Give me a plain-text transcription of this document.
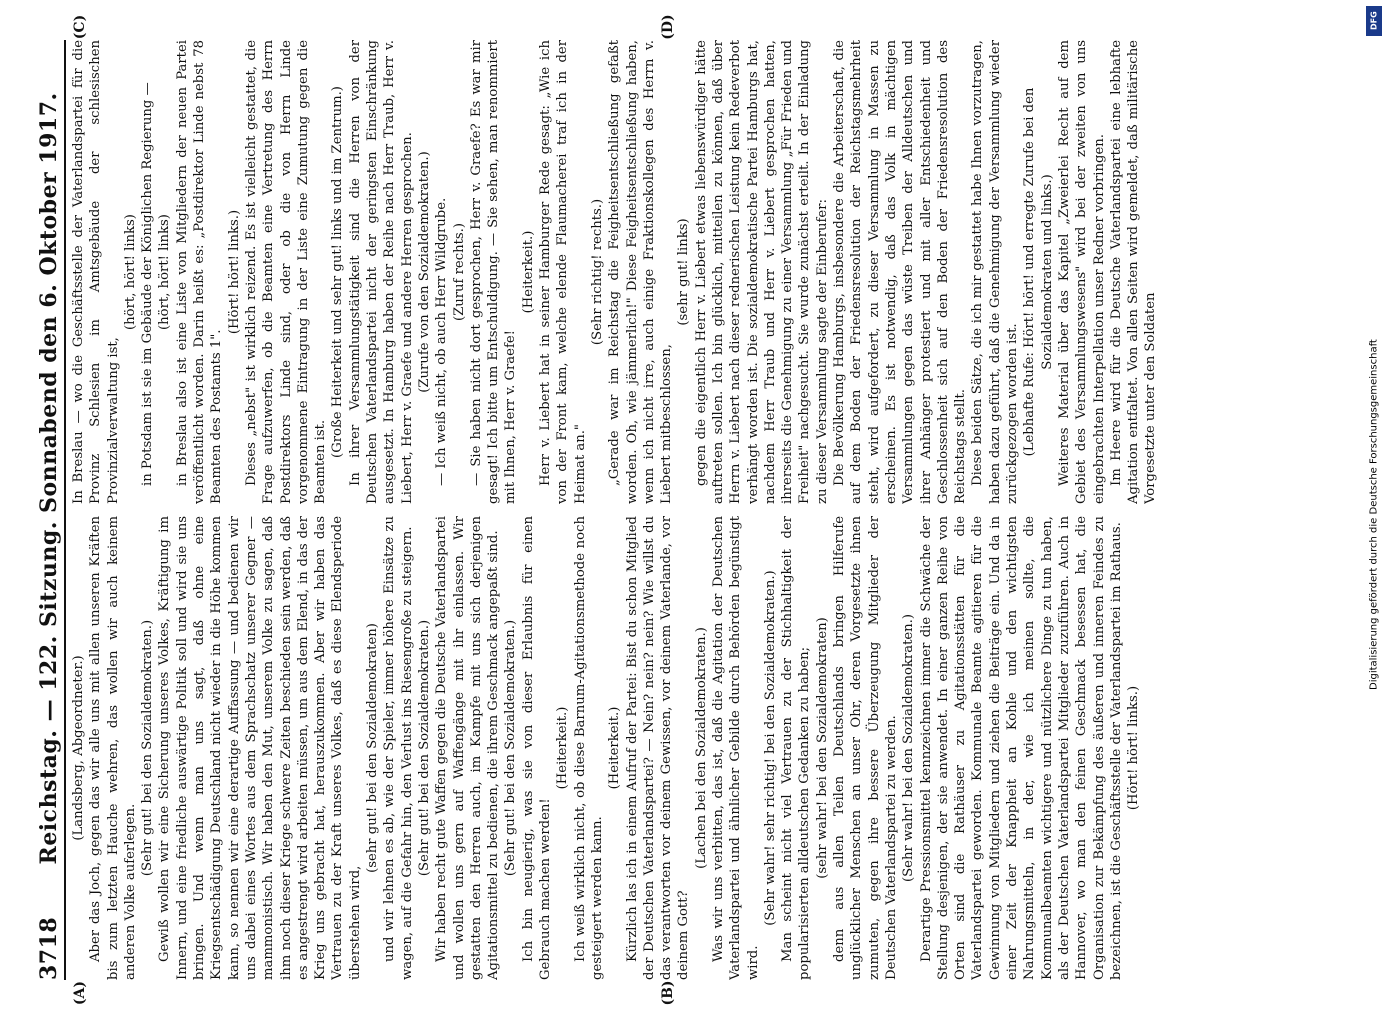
3718
Reichstag. — 122. Sitzung. Sonnabend den 6. Oktober 1917. (Landsberg, Abgeordneter.) Aber das Joch, gegen das wir alle uns mit allen unseren Kräften bis zum letzten Hauche wehren, das wollen wir auch keinem anderen Volke auferlegen.

(Sehr gut! bei den Sozialdemokraten.) Gewiß wollen wir eine Sicherung unseres Volkes, Kräftigung im Innern, und eine friedliche auswärtige Politik soll und wird sie uns bringen. Und wenn man uns sagt, daß ohne eine Kriegsentschädigung Deutschland nicht wieder in die Höhe kommen kann, so nennen wir eine derartige Auffassung — und bedienen wir uns dabei eines Wortes aus dem Sprachschatz unserer Gegner — mammonistisch. Wir haben den Mut, unserem Volke zu sagen, daß ihm noch dieser Kriege schwere Zeiten beschieden sein werden, daß es angestrengt wird arbeiten müssen, um aus dem Elend, in das der Krieg uns gebracht hat, herauszukommen. Aber wir haben das Vertrauen zu der Kraft unseres Volkes, daß es diese Elendsperiode überstehen wird,

(sehr gut! bei den Sozialdemokraten) und wir lehnen es ab, wie der Spieler, immer höhere Einsätze zu wagen, auf die Gefahr hin, den Verlust ins Riesengroße zu steigern. (Sehr gut! bei den Sozialdemokraten.) Wir haben recht gute Waffen gegen die Deutsche Vaterlandspartei und wollen uns gern auf Waffengänge mit ihr einlassen. Wir gestatten den Herren auch, im Kampfe mit uns sich derjenigen Agitationsmittel zu bedienen, die ihrem Geschmack angepaßt sind. (Sehr gut! bei den Sozialdemokraten.) Ich bin neugierig, was sie von dieser Erlaubnis für einen Gebrauch machen werden!

(Heiterkeit.) Ich weiß wirklich nicht, ob diese Barnum-Agitationsmethode noch gesteigert werden kann.

(Heiterkeit.) Kürzlich las ich in einem Aufruf der Partei: Bist du schon Mitglied der Deutschen Vaterlandspartei? — Nein? nein? nein? Wie willst du das verantworten vor deinem Gewissen, vor deinem Vaterlande, vor deinem Gott?

(Lachen bei den Sozialdemokraten.) Was wir uns verbitten, das ist, daß die Agitation der Deutschen Vaterlandspartei und ähnlicher Gebilde durch Behörden begünstigt wird.

(Sehr wahr! sehr richtig! bei den Sozialdemokraten.) Man scheint nicht viel Vertrauen zu der Stichhaltigkeit der popularisierten alldeutschen Gedanken zu haben; (sehr wahr! bei den Sozialdemokraten) denn aus allen Teilen Deutschlands bringen Hilferufe unglücklicher Menschen an unser Ohr, deren Vorgesetzte ihnen zumuten, gegen ihre bessere Überzeugung Mitglieder der Deutschen Vaterlandspartei zu werden. (Sehr wahr! bei den Sozialdemokraten.) Derartige Pressionsmittel kennzeichnen immer die Schwäche der Stellung desjenigen, der sie anwendet. In einer ganzen Reihe von Orten sind die Rathäuser zu Agitationsstätten für die Vaterlandspartei geworden. Kommunale Beamte agitieren für die Gewinnung von Mitgliedern und ziehen die Beiträge ein. Und da in einer Zeit der Knappheit an Kohle und den wichtigsten Nahrungsmitteln, in der, wie ich meinen sollte, die Kommunalbeamten wichtigere und nützlichere Dinge zu tun haben, als der Deutschen Vaterlandspartei Mitglieder zuzuführen. Auch in Hannover, wo man den feinen Geschmack besessen hat, die Organisation zur Bekämpfung des äußeren und inneren Feindes zu bezeichnen, ist die Geschäftsstelle der Vaterlandspartei im Rathaus. (Hört! hört! links.)

In Breslau — wo die Geschäftsstelle der Vaterlandspartei für die Provinz Schlesien im Amtsgebäude der schlesischen Provinzialverwaltung ist,

(hört, hört! links) in Potsdam ist sie im Gebäude der Königlichen Regierung — (hört, hört! links) in Breslau also ist eine Liste von Mitgliedern der neuen Partei veröffentlicht worden. Darin heißt es: „Postdirektor Linde nebst 78 Beamten des Postamts 1".

(Hört! hört! links.) Dieses „nebst" ist wirklich reizend. Es ist vielleicht gestattet, die Frage aufzuwerfen, ob die Beamten eine Vertretung des Herrn Postdirektors Linde sind, oder ob die von Herrn Linde vorgenommene Eintragung in der Liste eine Zumutung gegen die Beamten ist.

(Große Heiterkeit und sehr gut! links und im Zentrum.) In ihrer Versammlungstätigkeit sind die Herren von der Deutschen Vaterlandspartei nicht der geringsten Einschränkung ausgesetzt. In Hamburg haben der Reihe nach Herr Traub, Herr v. Liebert, Herr v. Graefe und andere Herren gesprochen. (Zurufe von den Sozialdemokraten.) — Ich weiß nicht, ob auch Herr Wildgrube. (Zuruf rechts.) — Sie haben nicht dort gesprochen, Herr v. Graefe? Es war mir gesagt! Ich bitte um Entschuldigung. — Sie sehen, man renommiert mit Ihnen, Herr v. Graefe!

(Heiterkeit.) Herr v. Liebert hat in seiner Hamburger Rede gesagt: „Wie ich von der Front kam, welche elende Flaumacherei traf ich in der Heimat an."

(Sehr richtig! rechts.) „Gerade war im Reichstag die Feigheitsentschließung gefaßt worden. Oh, wie jämmerlich!" Diese Feigheitsentschließung haben, wenn ich nicht irre, auch einige Fraktionskollegen des Herrn v. Liebert mitbeschlossen,

(sehr gut! links) gegen die eigentlich Herr v. Liebert etwas liebenswürdiger hätte auftreten sollen. Ich bin glücklich, mitteilen zu können, daß über Herrn v. Liebert nach dieser rednerischen Leistung kein Redeverbot verhängt worden ist. Die sozialdemokratische Partei Hamburgs hat, nachdem Herr Traub und Herr v. Liebert gesprochen hatten, ihrerseits die Genehmigung zu einer Versammlung „Für Frieden und Freiheit" nachgesucht. Sie wurde zunächst erteilt. In der Einladung zu dieser Versammlung sagte der Einberufer: Die Bevölkerung Hamburgs, insbesondere die Arbeiterschaft, die auf dem Boden der Friedensresolution der Reichstagsmehrheit steht, wird aufgefordert, zu dieser Versammlung in Massen zu erscheinen. Es ist notwendig, daß das Volk in mächtigen Versammlungen gegen das wüste Treiben der Alldeutschen und ihrer Anhänger protestiert und mit aller Entschiedenheit und Geschlossenheit sich auf den Boden der Friedensresolution des Reichstags stellt. Diese beiden Sätze, die ich mir gestattet habe Ihnen vorzutragen, haben dazu geführt, daß die Genehmigung der Versammlung wieder zurückgezogen worden ist. (Lebhafte Rufe: Hört! hört! und erregte Zurufe bei den Sozialdemokraten und links.) Weiteres Material über das Kapitel „Zweierlei Recht auf dem Gebiet des Versammlungswesens" wird bei der zweiten von uns eingebrachten Interpellation unser Redner vorbringen. Im Heere wird für die Deutsche Vaterlandspartei eine lebhafte Agitation entfaltet. Von allen Seiten wird gemeldet, daß militärische Vorgesetzte unter den Soldaten

(A)	(B)
(C)	(D)	DFG
Digitalisierung gefördert durch die Deutsche Forschungsgemeinschaft
